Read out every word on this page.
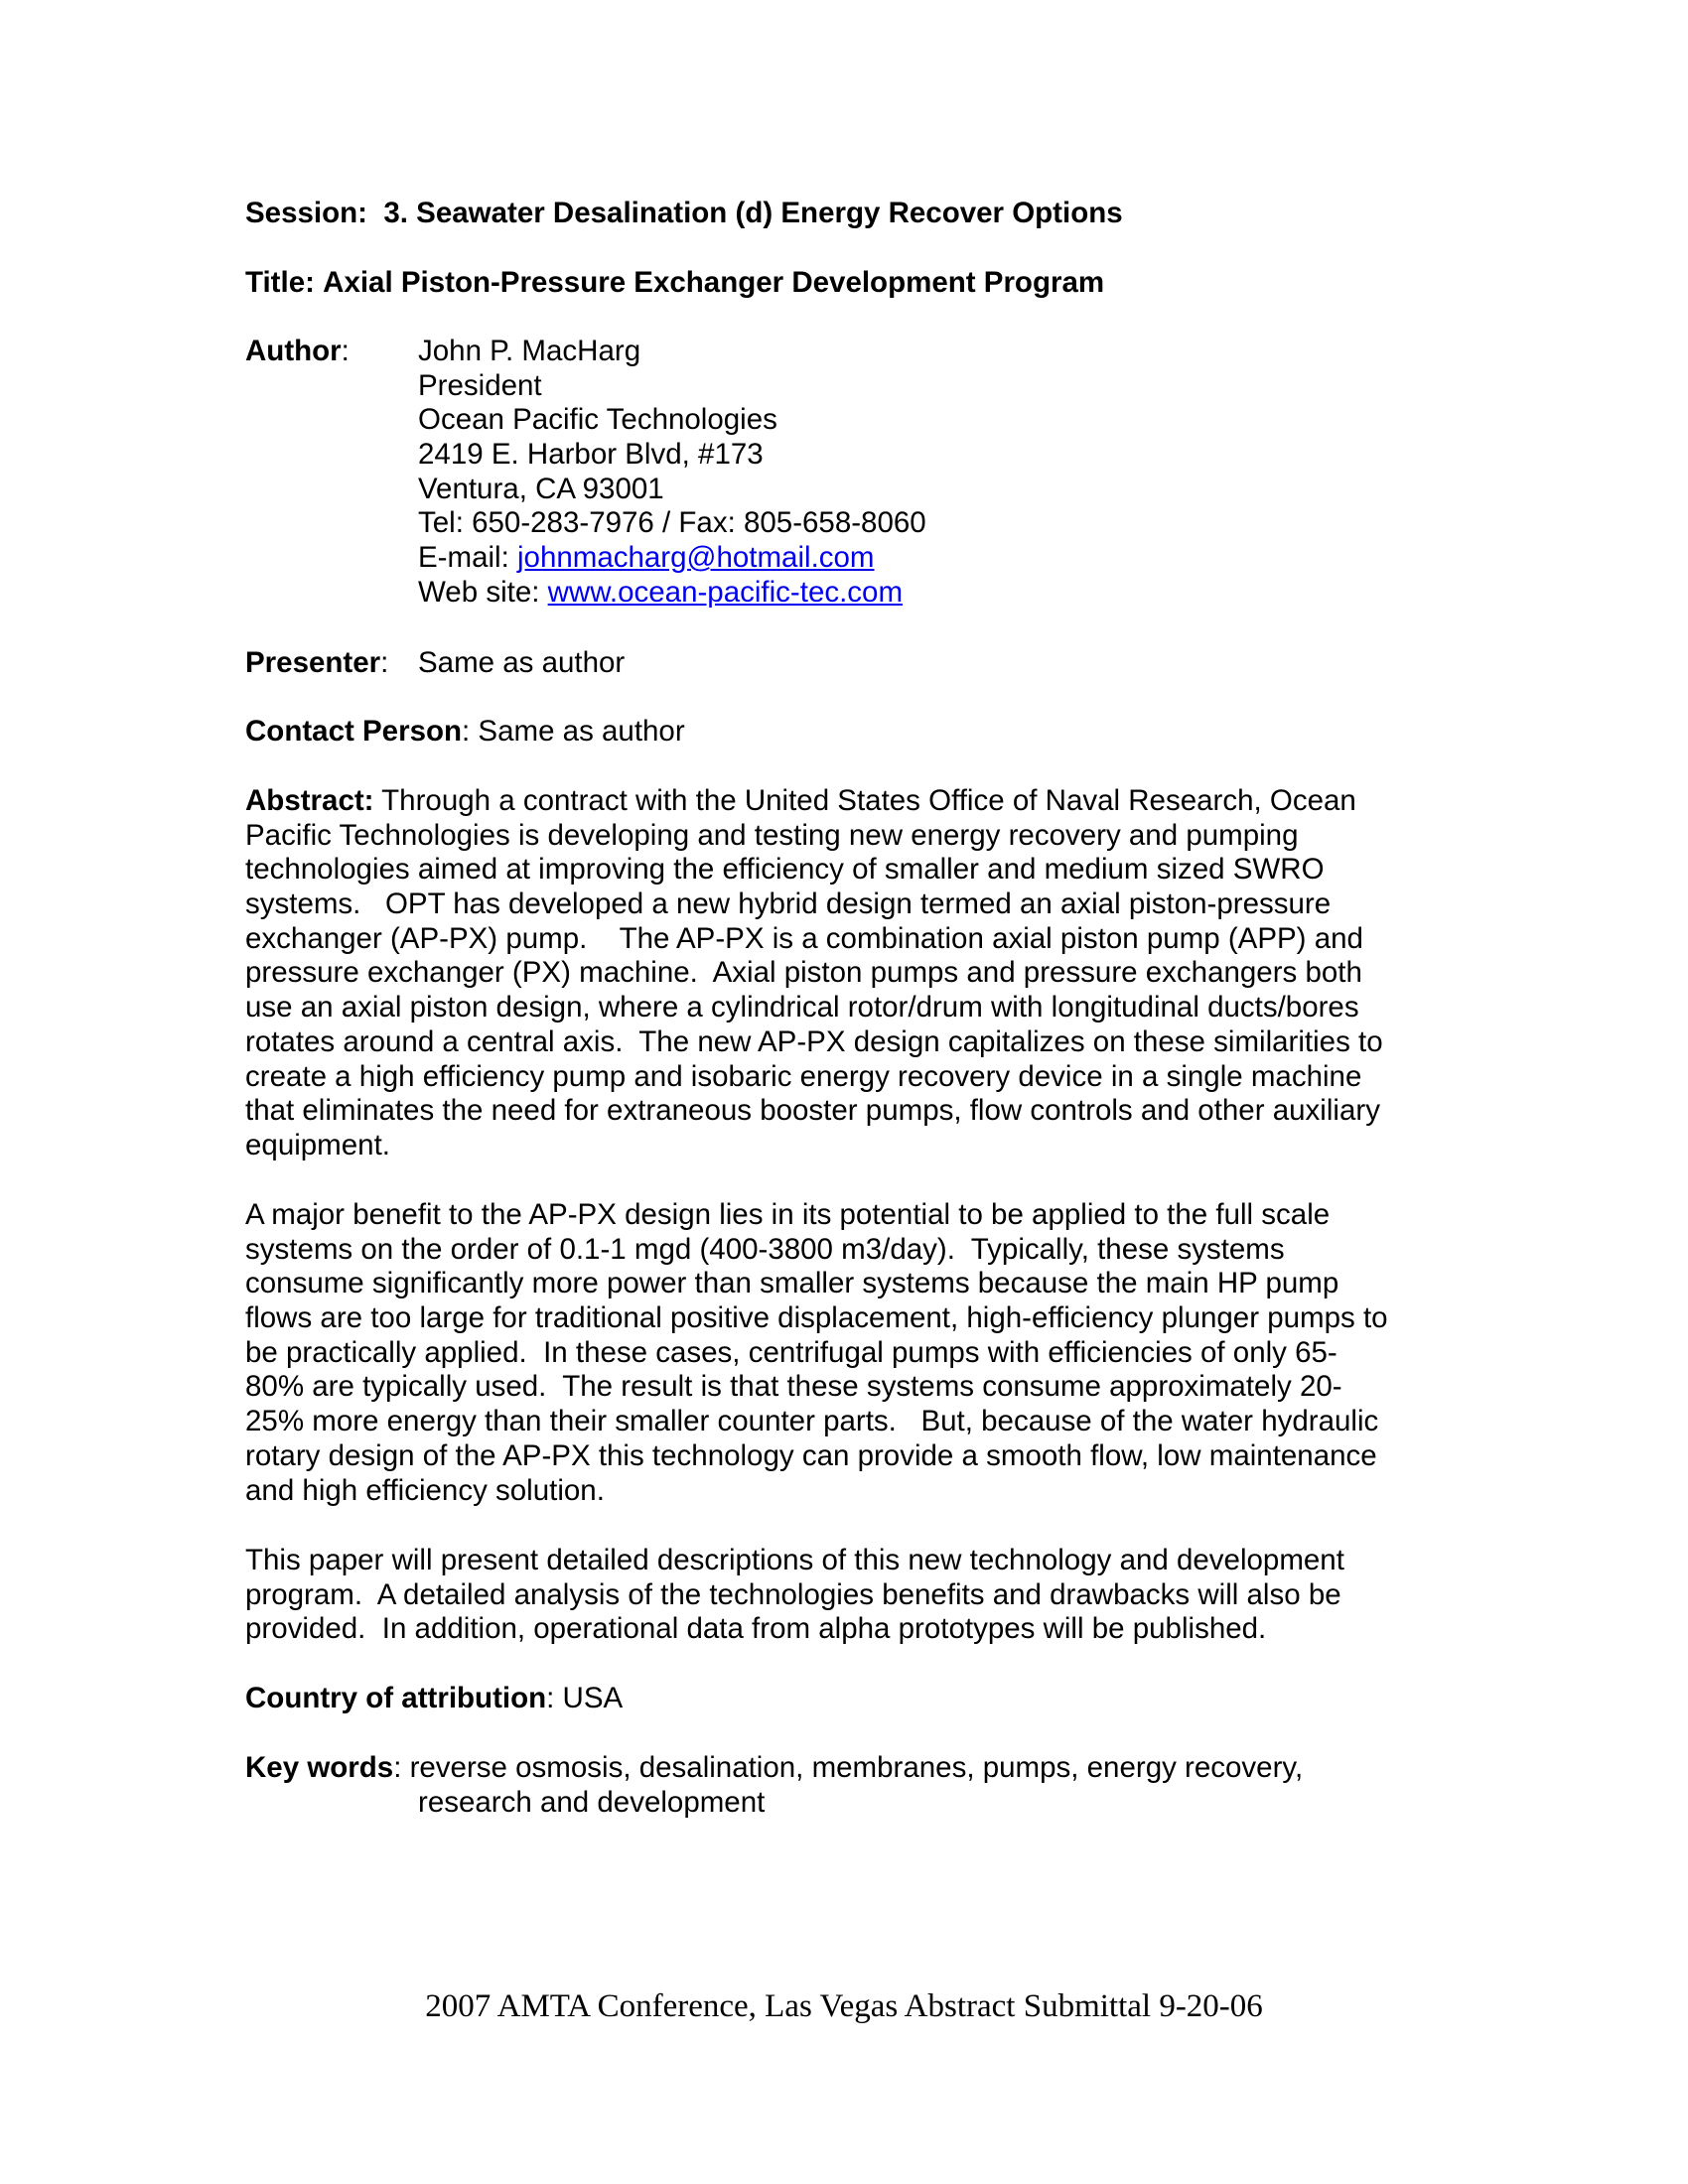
Session: 3. Seawater Desalination (d) Energy Recover Options
Title: Axial Piston-Pressure Exchanger Development Program
Author: John P. MacHarg
President
Ocean Pacific Technologies
2419 E. Harbor Blvd, #173
Ventura, CA 93001
Tel: 650-283-7976 / Fax: 805-658-8060
E-mail: johnmacharg@hotmail.com
Web site: www.ocean-pacific-tec.com
Presenter: Same as author
Contact Person: Same as author
Abstract: Through a contract with the United States Office of Naval Research, Ocean
Pacific Technologies is developing and testing new energy recovery and pumping
technologies aimed at improving the efficiency of smaller and medium sized SWRO
systems.   OPT has developed a new hybrid design termed an axial piston-pressure
exchanger (AP-PX) pump.    The AP-PX is a combination axial piston pump (APP) and
pressure exchanger (PX) machine.  Axial piston pumps and pressure exchangers both
use an axial piston design, where a cylindrical rotor/drum with longitudinal ducts/bores
rotates around a central axis.  The new AP-PX design capitalizes on these similarities to
create a high efficiency pump and isobaric energy recovery device in a single machine
that eliminates the need for extraneous booster pumps, flow controls and other auxiliary
equipment.
A major benefit to the AP-PX design lies in its potential to be applied to the full scale
systems on the order of 0.1-1 mgd (400-3800 m3/day).  Typically, these systems
consume significantly more power than smaller systems because the main HP pump
flows are too large for traditional positive displacement, high-efficiency plunger pumps to
be practically applied.  In these cases, centrifugal pumps with efficiencies of only 65-
80% are typically used.  The result is that these systems consume approximately 20-
25% more energy than their smaller counter parts.   But, because of the water hydraulic
rotary design of the AP-PX this technology can provide a smooth flow, low maintenance
and high efficiency solution.
This paper will present detailed descriptions of this new technology and development
program.  A detailed analysis of the technologies benefits and drawbacks will also be
provided.  In addition, operational data from alpha prototypes will be published.
Country of attribution: USA
Key words: reverse osmosis, desalination, membranes, pumps, energy recovery,
research and development
2007 AMTA Conference, Las Vegas Abstract Submittal 9-20-06
